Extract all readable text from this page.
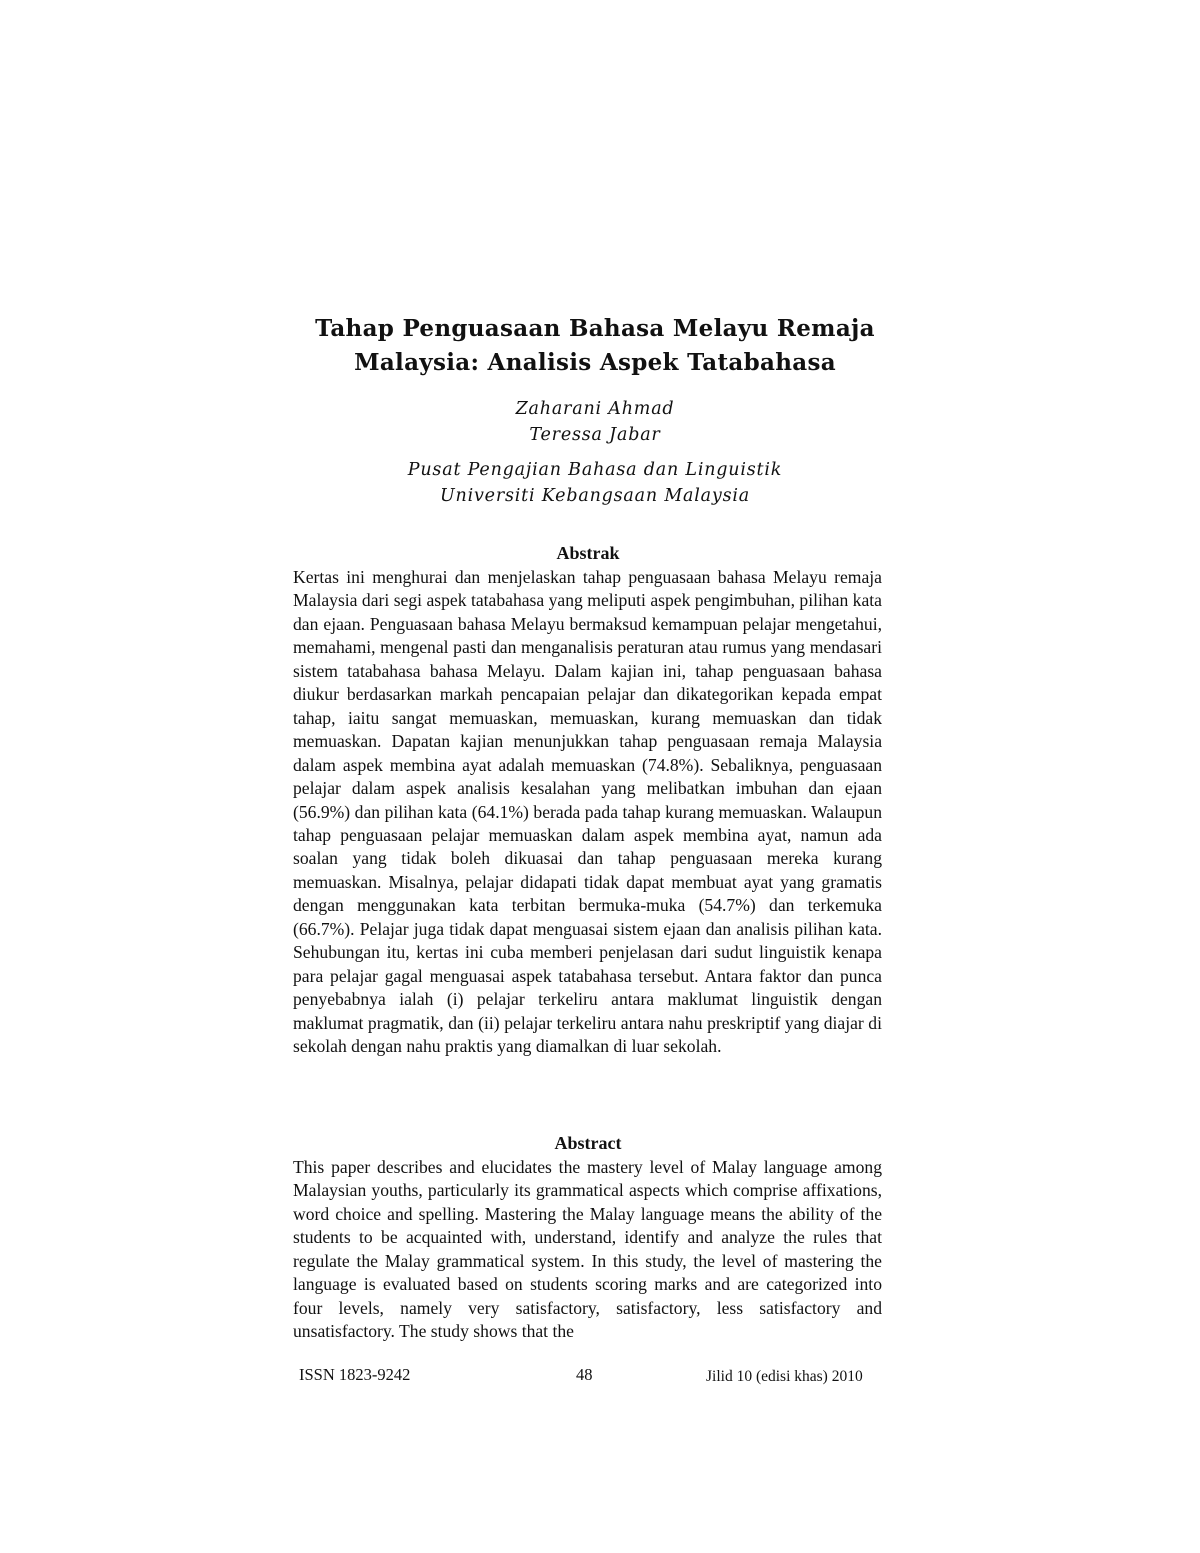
Tahap Penguasaan Bahasa Melayu Remaja
Malaysia: Analisis Aspek Tatabahasa
Zaharani Ahmad
Teressa Jabar
Pusat Pengajian Bahasa dan Linguistik
Universiti Kebangsaan Malaysia
Abstrak

Kertas ini menghurai dan menjelaskan tahap penguasaan bahasa Melayu remaja Malaysia dari segi aspek tatabahasa yang meliputi aspek pengimbuhan, pilihan kata dan ejaan. Penguasaan bahasa Melayu bermaksud kemampuan pelajar mengetahui, memahami, mengenal pasti dan menganalisis peraturan atau rumus yang mendasari sistem tatabahasa bahasa Melayu. Dalam kajian ini, tahap penguasaan bahasa diukur berdasarkan markah pencapaian pelajar dan dikategorikan kepada empat tahap, iaitu sangat memuaskan, memuaskan, kurang memuaskan dan tidak memuaskan. Dapatan kajian menunjukkan tahap penguasaan remaja Malaysia dalam aspek membina ayat adalah memuaskan (74.8%). Sebaliknya, penguasaan pelajar dalam aspek analisis kesalahan yang melibatkan imbuhan dan ejaan (56.9%) dan pilihan kata (64.1%) berada pada tahap kurang memuaskan. Walaupun tahap penguasaan pelajar memuaskan dalam aspek membina ayat, namun ada soalan yang tidak boleh dikuasai dan tahap penguasaan mereka kurang memuaskan. Misalnya, pelajar didapati tidak dapat membuat ayat yang gramatis dengan menggunakan kata terbitan bermuka-muka (54.7%) dan terkemuka (66.7%). Pelajar juga tidak dapat menguasai sistem ejaan dan analisis pilihan kata. Sehubungan itu, kertas ini cuba memberi penjelasan dari sudut linguistik kenapa para pelajar gagal menguasai aspek tatabahasa tersebut. Antara faktor dan punca penyebabnya ialah (i) pelajar terkeliru antara maklumat linguistik dengan maklumat pragmatik, dan (ii) pelajar terkeliru antara nahu preskriptif yang diajar di sekolah dengan nahu praktis yang diamalkan di luar sekolah.

Abstract

This paper describes and elucidates the mastery level of Malay language among Malaysian youths, particularly its grammatical aspects which comprise affixations, word choice and spelling. Mastering the Malay language means the ability of the students to be acquainted with, understand, identify and analyze the rules that regulate the Malay grammatical system. In this study, the level of mastering the language is evaluated based on students scoring marks and are categorized into four levels, namely very satisfactory, satisfactory, less satisfactory and unsatisfactory. The study shows that the

ISSN 1823-9242	48	Jilid 10 (edisi khas) 2010
